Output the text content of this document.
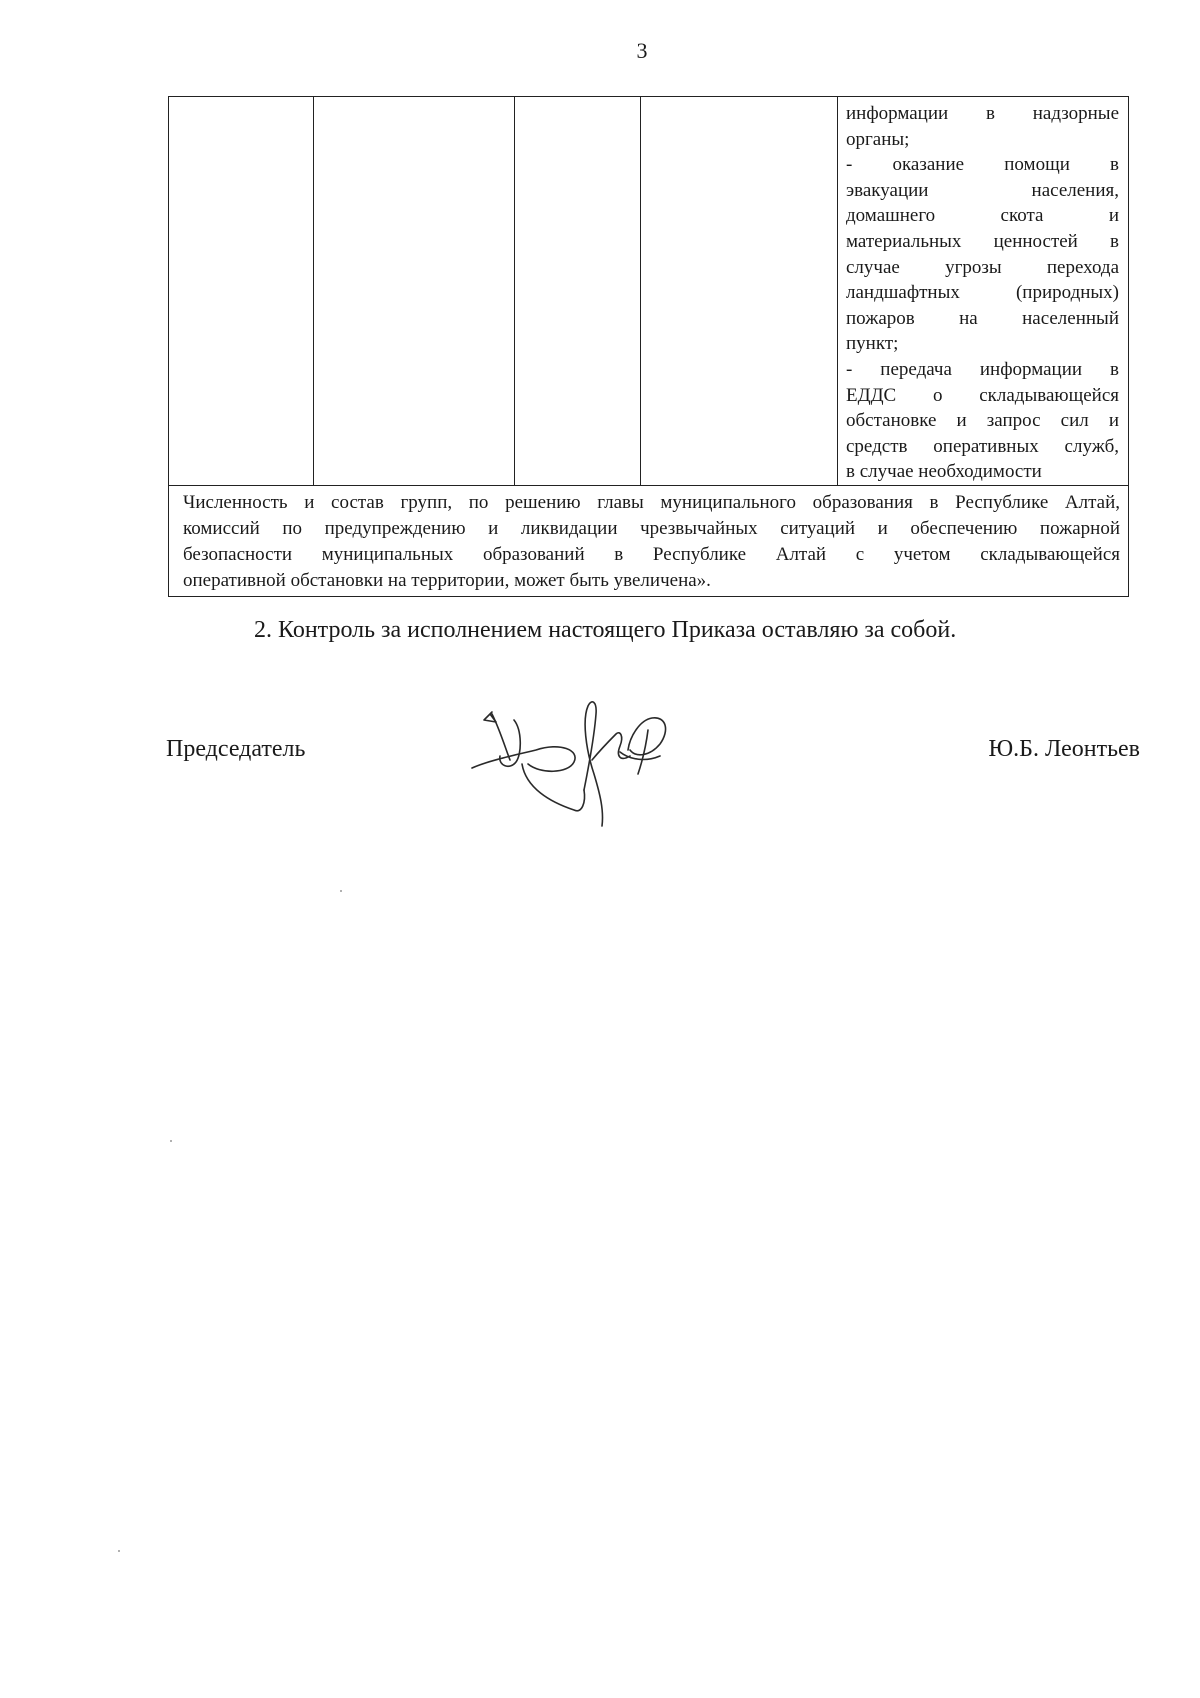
3

информации в надзорные
органы;
- оказание помощи в
эвакуации населения,
домашнего скота и
материальных ценностей в
случае угрозы перехода
ландшафтных (природных)
пожаров на населенный
пункт;
- передача информации в
ЕДДС о складывающейся
обстановке и запрос сил и
средств оперативных служб,
в случае необходимости

Численность и состав групп, по решению главы муниципального образования в Республике Алтай,
комиссий по предупреждению и ликвидации чрезвычайных ситуаций и обеспечению пожарной
безопасности муниципальных образований в Республике Алтай с учетом складывающейся
оперативной обстановки на территории, может быть увеличена».
2. Контроль за исполнением настоящего Приказа оставляю за собой.
Председатель	Ю.Б. Леонтьев
